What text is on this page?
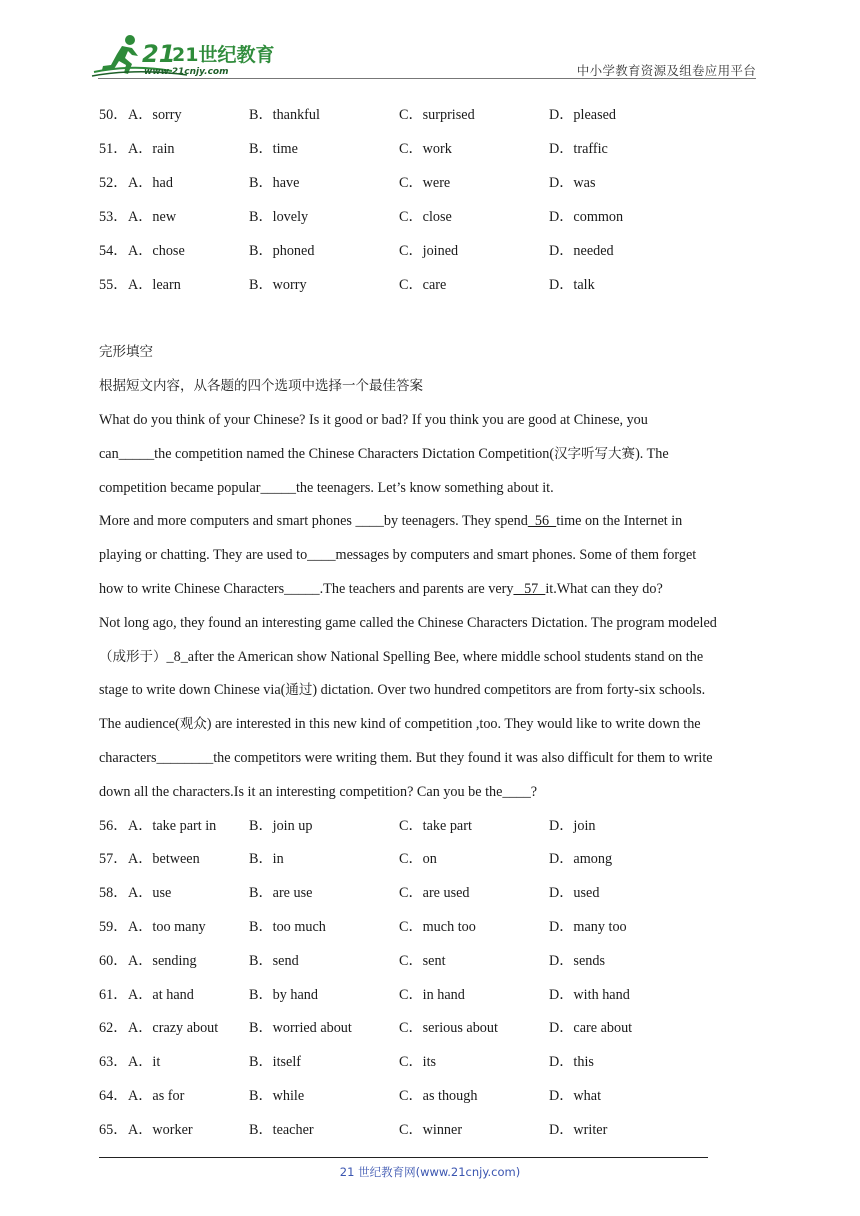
21
21世纪教育
www.21cnjy.com	中小学教育资源及组卷应用平台
50． A．sorry	B．thankful	C．surprised	D．pleased
51． A．rain	B．time	C．work	D．traffic
52． A．had	B．have	C．were	D．was
53． A．new	B．lovely	C．close	D．common
54． A．chose	B．phoned	C．joined	D．needed
55． A．learn	B．worry	C．care	D．talk
完形填空
根据短文内容，从各题的四个选项中选择一个最佳答案
What do you think of your Chinese? Is it good or bad? If you think you are good at Chinese, you
can_____the competition named the Chinese Characters Dictation Competition(汉字听写大赛). The
competition became popular_____the teenagers. Let’s know something about it.
More and more computers and smart phones ____by teenagers. They spend  56  time on the Internet in
playing or chatting. They are used to____messages by computers and smart phones. Some of them forget
how to write Chinese Characters_____.The teachers and parents are very   57  it.What can they do?
Not long ago, they found an interesting game called the Chinese Characters Dictation. The program modeled
（成形于）_8_after the American show National Spelling Bee, where middle school students stand on the
stage to write down Chinese via(通过) dictation. Over two hundred competitors are from forty-six schools.
The audience(观众) are interested in this new kind of competition ,too. They would like to write down the
characters________the competitors were writing them. But they found it was also difficult for them to write
down all the characters.Is it an interesting competition? Can you be the____?
56． A．take part in B．join up	C．take part	D．join
57． A．between	B．in	C．on	D．among
58． A．use	B．are use	C．are used	D．used
59． A．too many	B．too much	C．much too	D．many too
60． A．sending	B．send	C．sent	D．sends
61． A．at hand	B．by hand	C．in hand	D．with hand
62． A．crazy about B．worried about	C．serious about	D．care about
63． A．it	B．itself	C．its	D．this
64． A．as for	B．while	C．as though	D．what
65． A．worker	B．teacher	C．winner	D．writer
21 世纪教育网(www.21cnjy.com)
